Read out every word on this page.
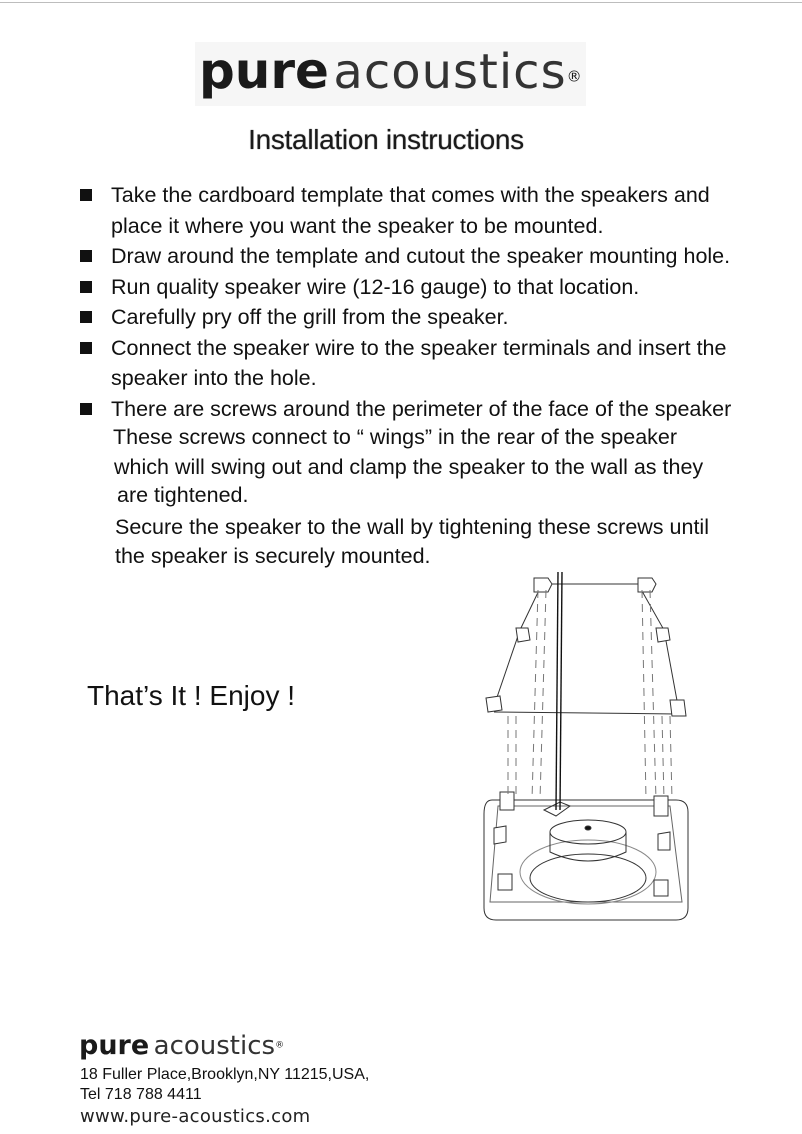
pure acoustics®
Installation instructions
Take the cardboard template that comes with the speakers and
place it where you want the speaker to be mounted.
Draw around the template and cutout the speaker mounting hole.
Run quality speaker wire (12-16 gauge) to that location.
Carefully pry off the grill from the speaker.
Connect the speaker wire to the speaker terminals and insert the
speaker into the hole.
There are screws around the perimeter of the face of the speaker
These screws connect to “ wings” in the rear of the speaker
which will swing out and clamp the speaker to the wall as they
are tightened.
Secure the speaker to the wall by tightening these screws until
the speaker is securely mounted.
That’s It ! Enjoy !
pure acoustics®
18 Fuller Place,Brooklyn,NY 11215,USA,
Tel 718 788 4411
www.pure-acoustics.com
